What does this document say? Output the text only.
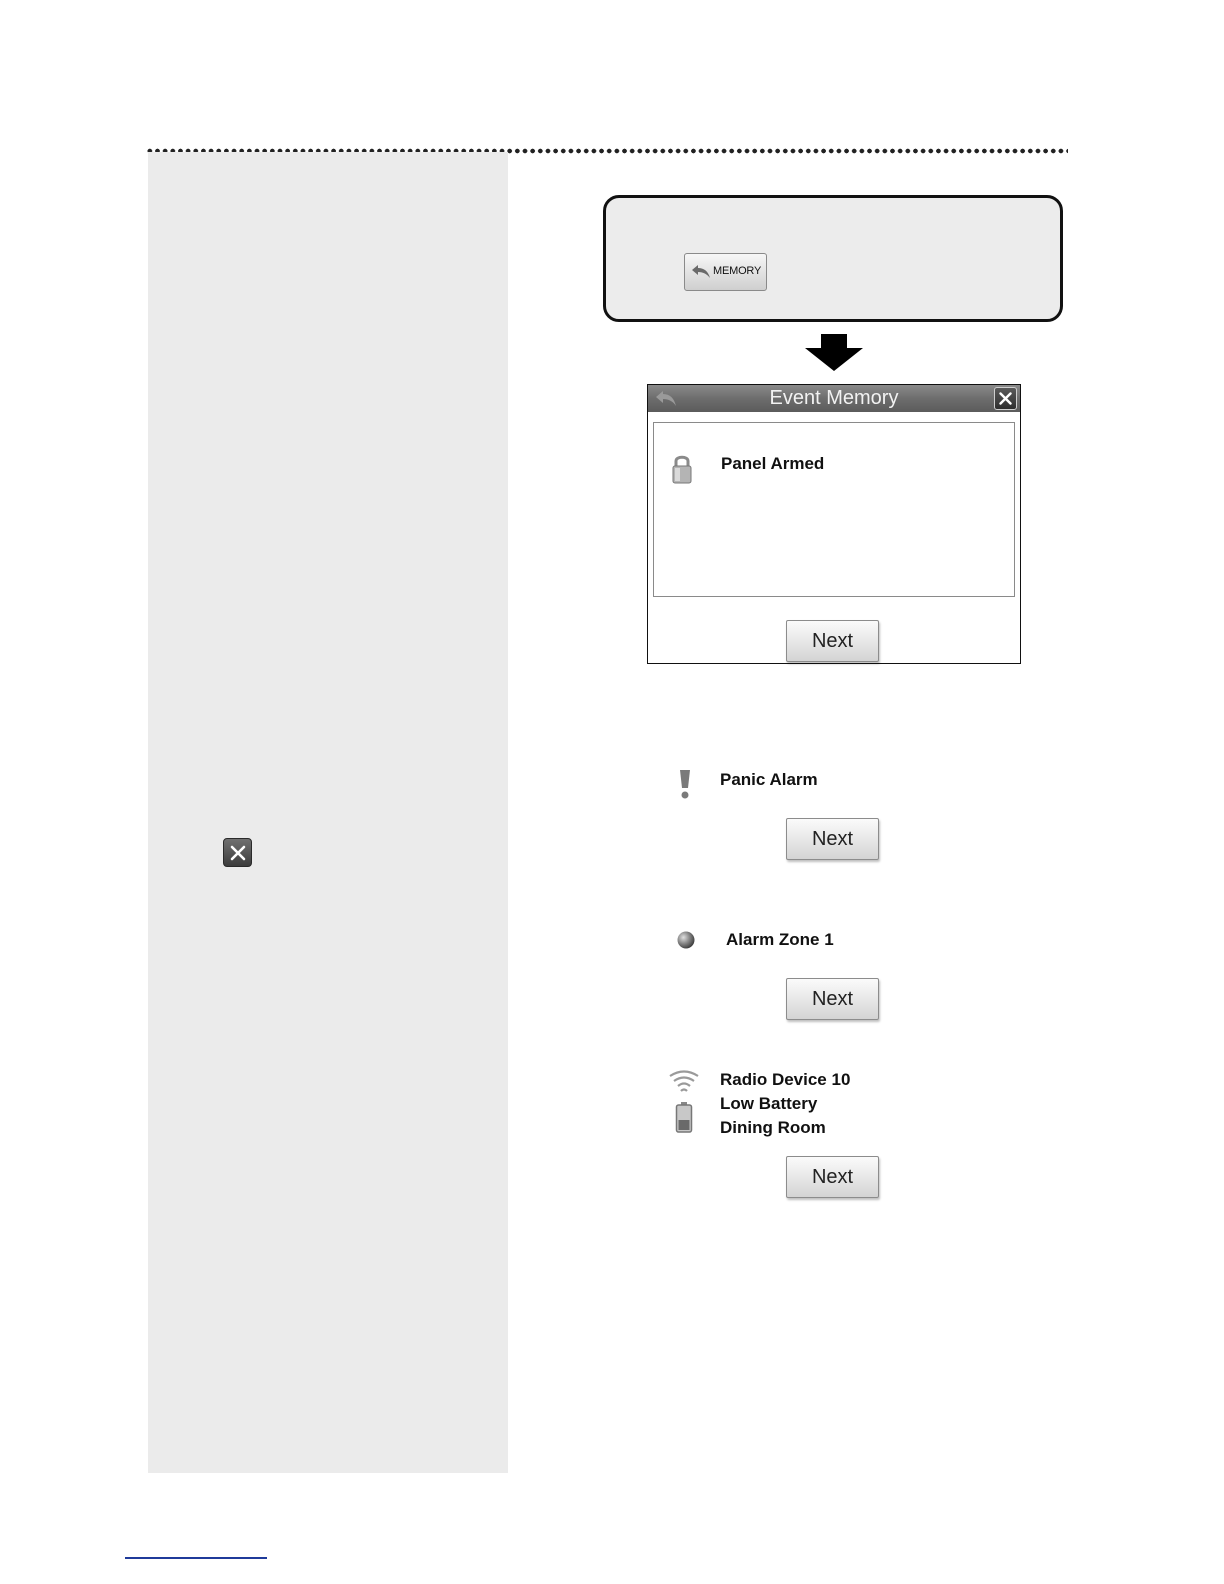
MEMORY
Event Memory
Panel Armed
Next
Panic Alarm
Next
Alarm Zone 1
Next
Radio Device 10
Low Battery
Dining Room
Next
